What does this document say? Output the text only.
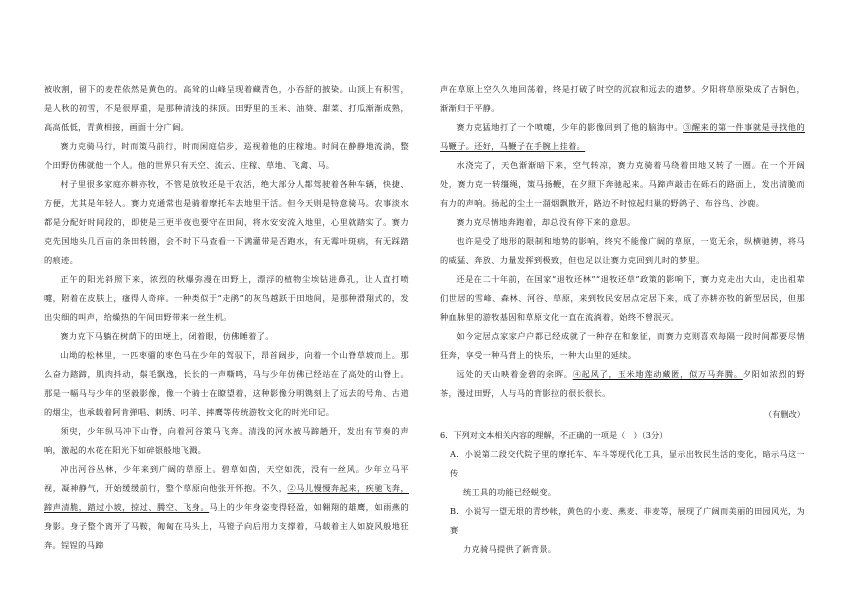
被收割，留下的麦茬依然是黄色的。高耸的山峰呈现着藏青色，小吞舒的披染。山顶上有积雪，是人秋的初雪，不是很厚重，是那种清浅的抹顶。田野里的玉米、油葵、甜菜、打瓜渐渐成熟，高高低低，青黄相接，画面十分广阔。

赛力克骑马行，时而策马前行，时而闲庭信步，巡视着他的庄稼地。时间在静静地流淌，整个田野仿佛就他一个人。他的世界只有天空、流云、庄稼、草地、飞禽、马。

村子里很多家庭亦耕亦牧，不管是放牧还是干农活，绝大部分人都驾驶着各种车辆，快捷、方便，尤其是年轻人。赛力克通常也是骑着摩托车去地里干活。但今天则是特意骑马。农事淡水都是分配好时间段的，即使是三更半夜也要守在田间，将水安安流入地里，心里就踏实了。赛力克先国地头几百亩的条田转圈，会不时下马查看一下满灌带是否跑水，有无霉叶斑病，有无踩踏的痕迹。

正午的阳光斜照下来，浓烈的秋爆弥漫在田野上，漂浮的植物尘埃钻进鼻孔，让人直打喷嚏，附着在皮肤上，瘙得人奇痒。一种类似于“走鹃”的灰鸟越跃于田地间，是那种滑翔式的，发出尖细的叫声，给燥热的午间田野带来一丝生机。

赛力克下马躺在树荫下的田埂上，闭着眼，仿佛睡着了。

山坳的松林里，一匹枣骝的枣色马在少年的驾驭下，昂首阔步，向着一个山脊草坡而上。那么奋力踏蹄，肌肉抖动，鬃毛飘逸，长长的一声嘶鸣，马与少年仿佛已经站在了高处的山脊上。那是一幅马与少年的坚毅影像，像一个骑士在瞭望着，这种影像分明镌刻上了远去的号角、古道的烟尘，也承载着阿肯弹唱、刺绣、叼羊、摔鹰等传统游牧文化的时光印记。

须臾，少年纵马冲下山脊，向着河谷策马飞奔。清浅的河水被马蹄趟开，发出有节奏的声响，激起的水花在阳光下如碎银般地飞溅。

冲出河谷丛林，少年来到广阔的草原上。碧草如茵，天空如洗，没有一丝风。少年立马平视，凝神静气，开始缓缓前行，整个草原向他张开怀抱。不久，②马儿慢慢奔起来，疾驰飞奔，蹄声清脆，踏过小坡，掠过、腾空、飞身。马上的少年身姿变得轻盈，如翱翔的雄鹰，如雨燕的身影。身子整个离开了马鞍，匍匐在马头上，马镫子向后用力支撑着，马载着主人如旋风般地狂奔。锃锃的马蹄

声在草原上空久久地回荡着，终是打破了时空的沉寂和远去的遗梦。夕阳将草原染成了古铜色，渐渐归于平静。

赛力克猛地打了一个喷嚏，少年的影像回到了他的脑海中。③醒来的第一件事就是寻找他的马鞭子。还好，马鞭子在手腕上挂着。

水浇完了，天色渐渐暗下来，空气转凉，赛力克骑着马绕着田地又转了一圈。在一个开阔处，赛力克一转缰绳，策马扬鞭，在夕照下奔驰起来。马蹄声敲击在砾石的路面上，发出清脆而有力的声响。扬起的尘土一溜烟飘散开，路边不时惊起归巢的野鸽子、布谷鸟、沙鹿。

赛力克尽情地奔跑着，却总没有停下来的意思。

也许是受了地形的限制和地势的影响，终究不能像广阔的草原，一览无余，纵横驰骋，将马的威猛、奔放、力量发挥到极致，但也足以让赛力克回到儿时的梦里。

还是在二十年前，在国家“退牧还林”“退牧还草”政策的影响下，赛力克走出大山，走出祖辈们世居的雪峰、森林、河谷、草原，来到牧民安居点定居下来，成了亦耕亦牧的新型居民，但那种血脉里的游牧基因和草原文化一直在流淌着，始终不曾泯灭。

如今定居点家家户户都已经成就了一种存在和象征，而赛力克则喜欢每隔一段时间都要尽情狂奔，享受一种马背上的快乐，一种大山里的延续。

远处的天山映着金碧的余晖。④起风了，玉米地莲动藏匿，似万马奔腾。夕阳如浓烈的野茶，漫过田野，人与马的背影拉的很长很长。

（有删改）

6．下列对文本相关内容的理解，不正确的一项是（　）（3分）

A．小说第二段交代院子里的摩托车、车斗等现代化工具，显示出牧民生活的变化，暗示马这一传

统工具的功能已经蜕变。

B．小说写一望无垠的青纱帐，黄色的小麦、燕麦、菲麦等，展现了广阔而美丽的田园风光，为赛

力克骑马提供了新背景。
